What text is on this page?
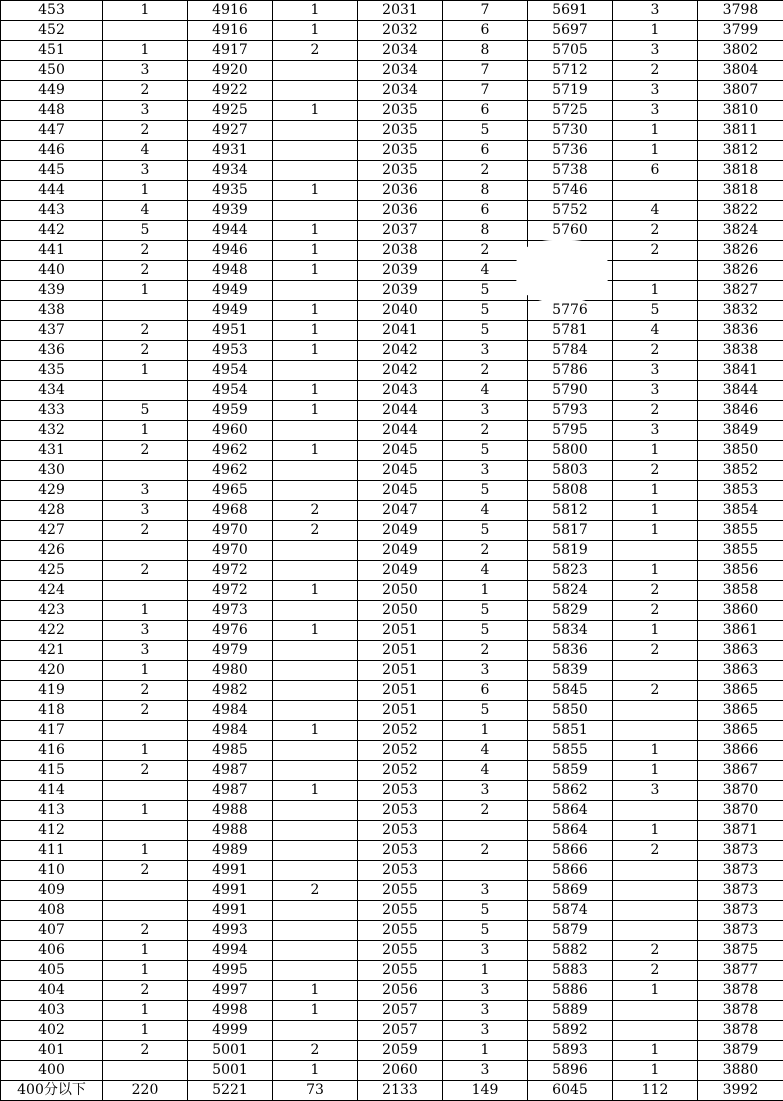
453	1	4916	1	2031	7	5691	3	3798
452		4916	1	2032	6	5697	1	3799
451	1	4917	2	2034	8	5705	3	3802
450	3	4920		2034	7	5712	2	3804
449	2	4922		2034	7	5719	3	3807
448	3	4925	1	2035	6	5725	3	3810
447	2	4927		2035	5	5730	1	3811
446	4	4931		2035	6	5736	1	3812
445	3	4934		2035	2	5738	6	3818
444	1	4935	1	2036	8	5746		3818
443	4	4939		2036	6	5752	4	3822
442	5	4944	1	2037	8	5760	2	3824
441	2	4946	1	2038	2		2	3826
440	2	4948	1	2039	4			3826
439	1	4949		2039	5		1	3827
438		4949	1	2040	5	5776	5	3832
437	2	4951	1	2041	5	5781	4	3836
436	2	4953	1	2042	3	5784	2	3838
435	1	4954		2042	2	5786	3	3841
434		4954	1	2043	4	5790	3	3844
433	5	4959	1	2044	3	5793	2	3846
432	1	4960		2044	2	5795	3	3849
431	2	4962	1	2045	5	5800	1	3850
430		4962		2045	3	5803	2	3852
429	3	4965		2045	5	5808	1	3853
428	3	4968	2	2047	4	5812	1	3854
427	2	4970	2	2049	5	5817	1	3855
426		4970		2049	2	5819		3855
425	2	4972		2049	4	5823	1	3856
424		4972	1	2050	1	5824	2	3858
423	1	4973		2050	5	5829	2	3860
422	3	4976	1	2051	5	5834	1	3861
421	3	4979		2051	2	5836	2	3863
420	1	4980		2051	3	5839		3863
419	2	4982		2051	6	5845	2	3865
418	2	4984		2051	5	5850		3865
417		4984	1	2052	1	5851		3865
416	1	4985		2052	4	5855	1	3866
415	2	4987		2052	4	5859	1	3867
414		4987	1	2053	3	5862	3	3870
413	1	4988		2053	2	5864		3870
412		4988		2053		5864	1	3871
411	1	4989		2053	2	5866	2	3873
410	2	4991		2053		5866		3873
409		4991	2	2055	3	5869		3873
408		4991		2055	5	5874		3873
407	2	4993		2055	5	5879		3873
406	1	4994		2055	3	5882	2	3875
405	1	4995		2055	1	5883	2	3877
404	2	4997	1	2056	3	5886	1	3878
403	1	4998	1	2057	3	5889		3878
402	1	4999		2057	3	5892		3878
401	2	5001	2	2059	1	5893	1	3879
400		5001	1	2060	3	5896	1	3880
400分以下	220	5221	73	2133	149	6045	112	3992
